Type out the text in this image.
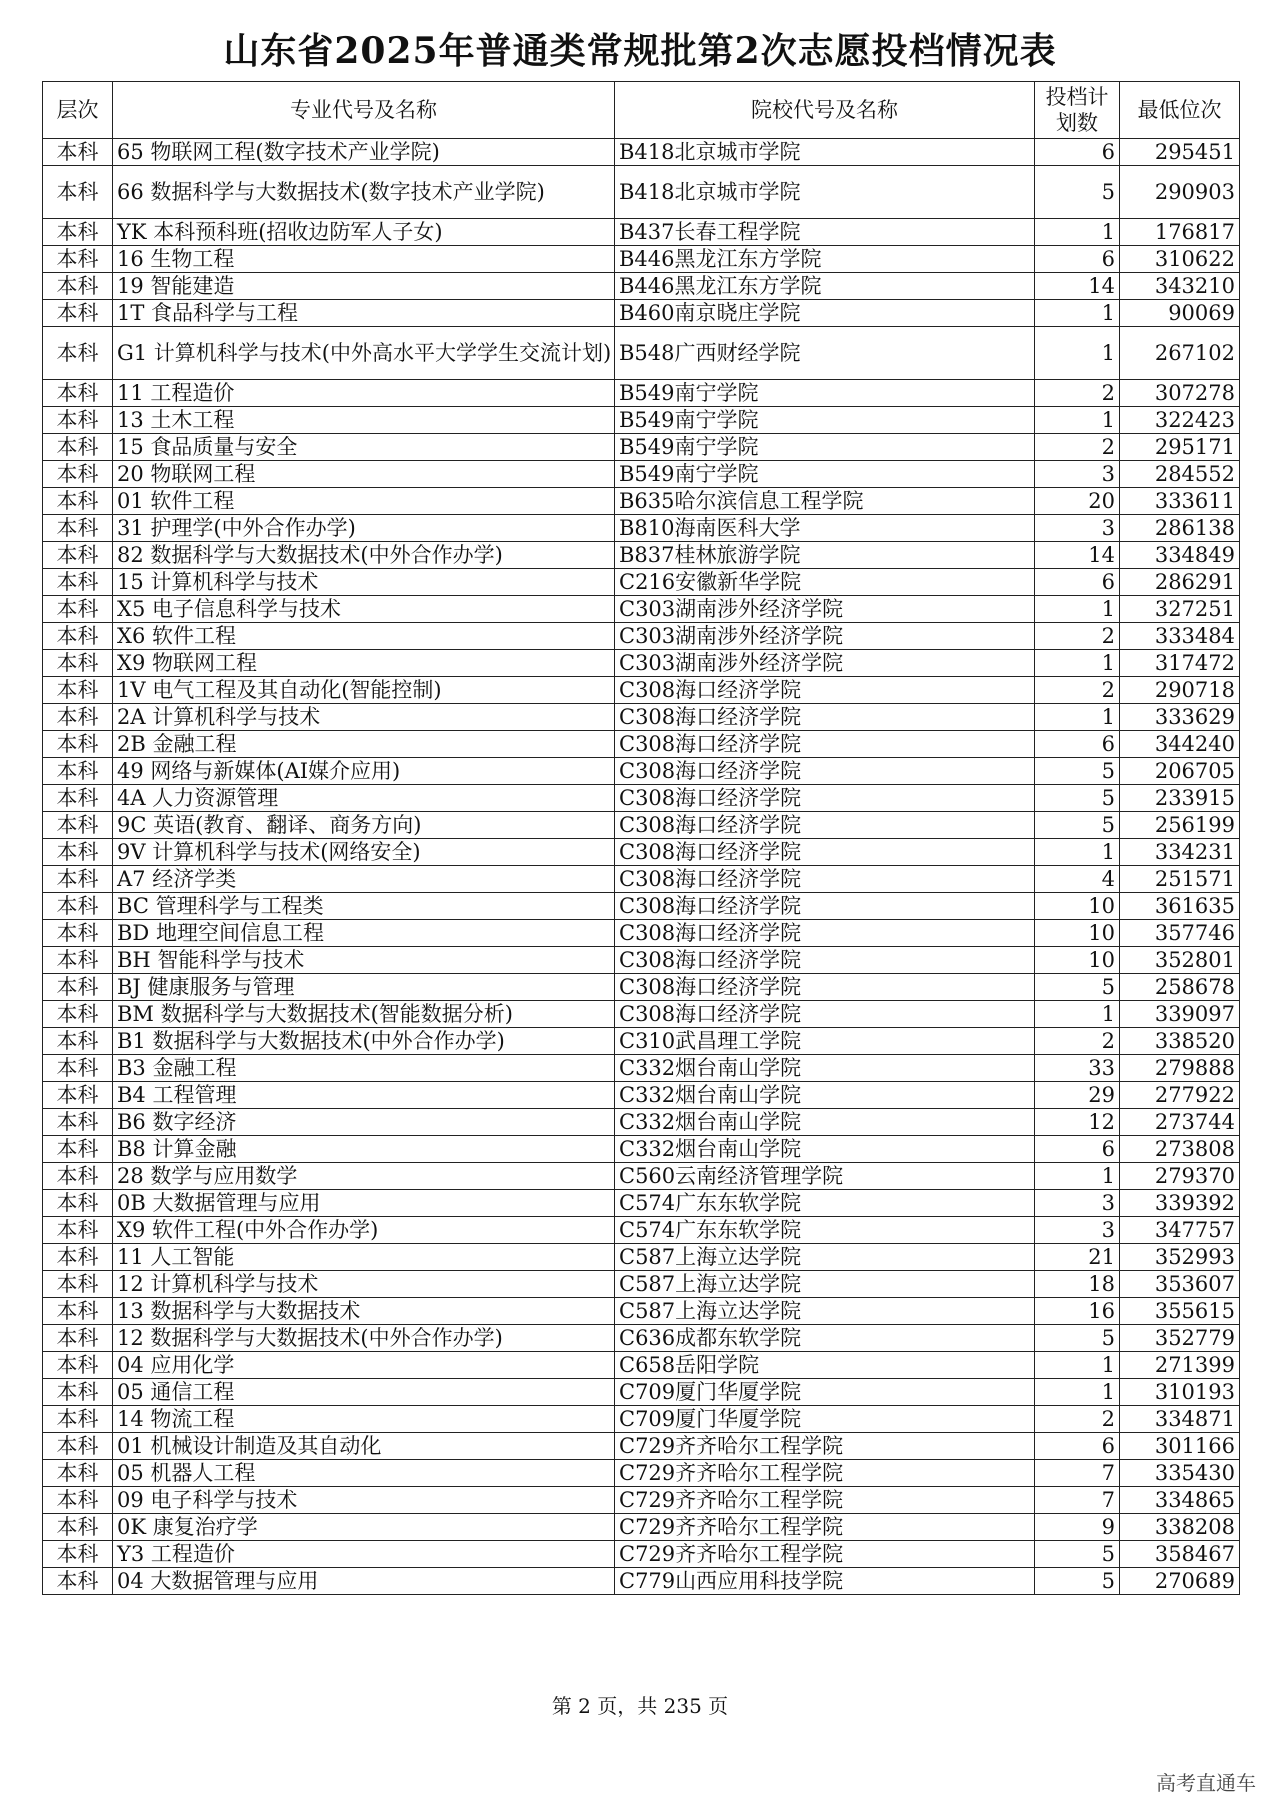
山东省2025年普通类常规批第2次志愿投档情况表
层次	专业代号及名称	院校代号及名称	投档计划数	最低位次
本科	65 物联网工程(数字技术产业学院)	B418北京城市学院	6	295451
本科	66 数据科学与大数据技术(数字技术产业学院)	B418北京城市学院	5	290903
本科	YK 本科预科班(招收边防军人子女)	B437长春工程学院	1	176817
本科	16 生物工程	B446黑龙江东方学院	6	310622
本科	19 智能建造	B446黑龙江东方学院	14	343210
本科	1T 食品科学与工程	B460南京晓庄学院	1	90069
本科	G1 计算机科学与技术(中外高水平大学学生交流计划)	B548广西财经学院	1	267102
本科	11 工程造价	B549南宁学院	2	307278
本科	13 土木工程	B549南宁学院	1	322423
本科	15 食品质量与安全	B549南宁学院	2	295171
本科	20 物联网工程	B549南宁学院	3	284552
本科	01 软件工程	B635哈尔滨信息工程学院	20	333611
本科	31 护理学(中外合作办学)	B810海南医科大学	3	286138
本科	82 数据科学与大数据技术(中外合作办学)	B837桂林旅游学院	14	334849
本科	15 计算机科学与技术	C216安徽新华学院	6	286291
本科	X5 电子信息科学与技术	C303湖南涉外经济学院	1	327251
本科	X6 软件工程	C303湖南涉外经济学院	2	333484
本科	X9 物联网工程	C303湖南涉外经济学院	1	317472
本科	1V 电气工程及其自动化(智能控制)	C308海口经济学院	2	290718
本科	2A 计算机科学与技术	C308海口经济学院	1	333629
本科	2B 金融工程	C308海口经济学院	6	344240
本科	49 网络与新媒体(AI媒介应用)	C308海口经济学院	5	206705
本科	4A 人力资源管理	C308海口经济学院	5	233915
本科	9C 英语(教育、翻译、商务方向)	C308海口经济学院	5	256199
本科	9V 计算机科学与技术(网络安全)	C308海口经济学院	1	334231
本科	A7 经济学类	C308海口经济学院	4	251571
本科	BC 管理科学与工程类	C308海口经济学院	10	361635
本科	BD 地理空间信息工程	C308海口经济学院	10	357746
本科	BH 智能科学与技术	C308海口经济学院	10	352801
本科	BJ 健康服务与管理	C308海口经济学院	5	258678
本科	BM 数据科学与大数据技术(智能数据分析)	C308海口经济学院	1	339097
本科	B1 数据科学与大数据技术(中外合作办学)	C310武昌理工学院	2	338520
本科	B3 金融工程	C332烟台南山学院	33	279888
本科	B4 工程管理	C332烟台南山学院	29	277922
本科	B6 数字经济	C332烟台南山学院	12	273744
本科	B8 计算金融	C332烟台南山学院	6	273808
本科	28 数学与应用数学	C560云南经济管理学院	1	279370
本科	0B 大数据管理与应用	C574广东东软学院	3	339392
本科	X9 软件工程(中外合作办学)	C574广东东软学院	3	347757
本科	11 人工智能	C587上海立达学院	21	352993
本科	12 计算机科学与技术	C587上海立达学院	18	353607
本科	13 数据科学与大数据技术	C587上海立达学院	16	355615
本科	12 数据科学与大数据技术(中外合作办学)	C636成都东软学院	5	352779
本科	04 应用化学	C658岳阳学院	1	271399
本科	05 通信工程	C709厦门华厦学院	1	310193
本科	14 物流工程	C709厦门华厦学院	2	334871
本科	01 机械设计制造及其自动化	C729齐齐哈尔工程学院	6	301166
本科	05 机器人工程	C729齐齐哈尔工程学院	7	335430
本科	09 电子科学与技术	C729齐齐哈尔工程学院	7	334865
本科	0K 康复治疗学	C729齐齐哈尔工程学院	9	338208
本科	Y3 工程造价	C729齐齐哈尔工程学院	5	358467
本科	04 大数据管理与应用	C779山西应用科技学院	5	270689
第 2 页，共 235 页
高考直通车
